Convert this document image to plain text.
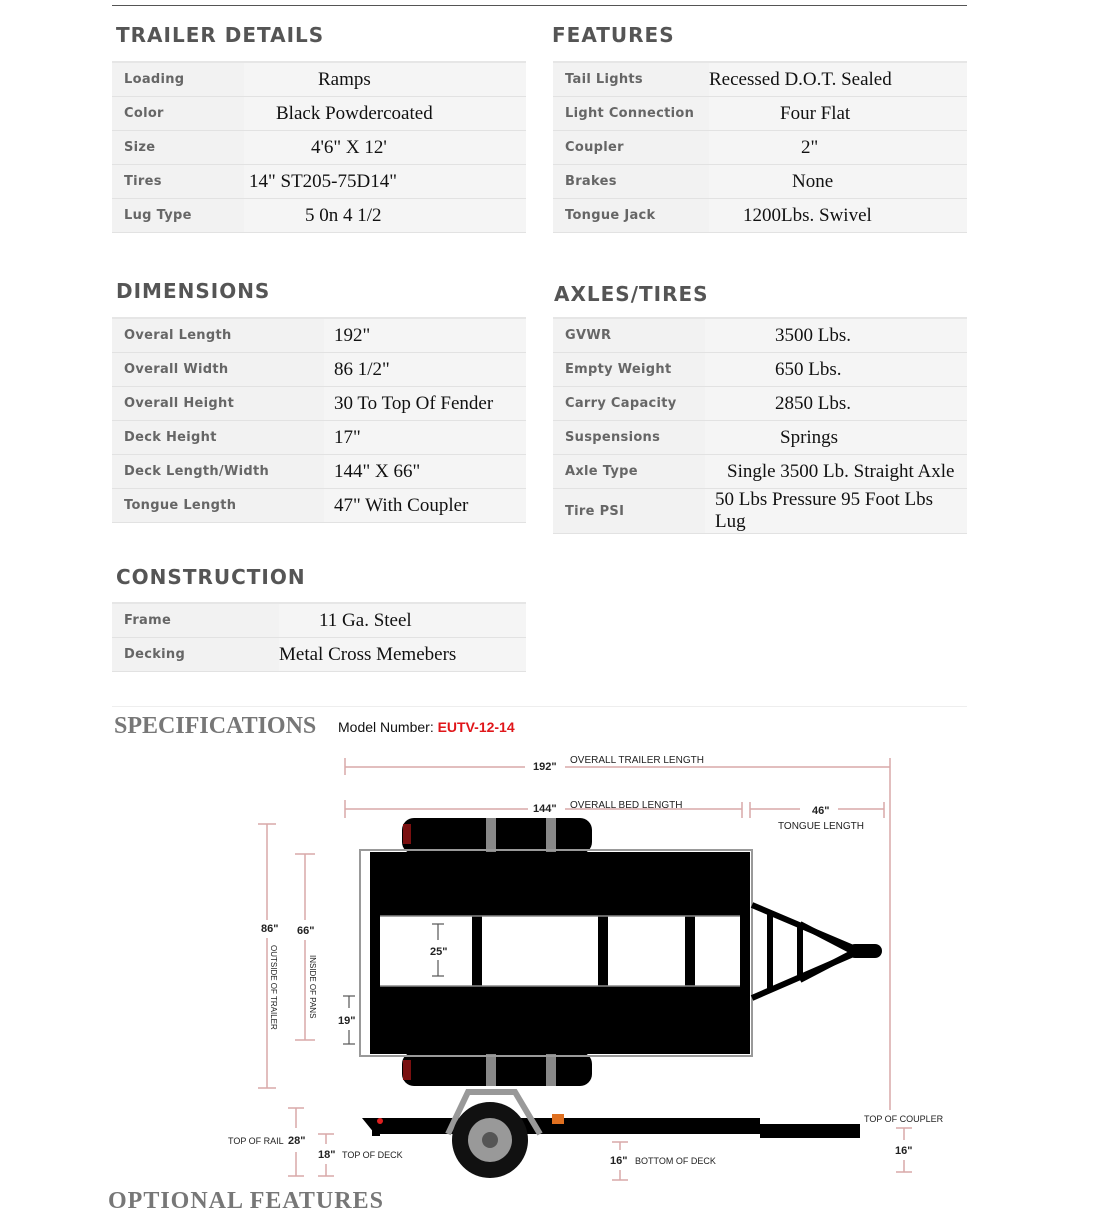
TRAILER DETAILS
Loading	Ramps
Color	Black Powdercoated
Size	4'6" X 12'
Tires	14" ST205-75D14"
Lug Type	5 0n 4 1/2
FEATURES
Tail Lights	Recessed D.O.T. Sealed
Light Connection	Four Flat
Coupler	2"
Brakes	None
Tongue Jack	1200Lbs. Swivel
DIMENSIONS
Overal Length	192"
Overall Width	86 1/2"
Overall Height	30 To Top Of Fender
Deck Height	17"
Deck Length/Width	144" X 66"
Tongue Length	47" With Coupler
AXLES/TIRES
GVWR	3500 Lbs.
Empty Weight	650 Lbs.
Carry Capacity	2850 Lbs.
Suspensions	Springs
Axle Type	Single 3500 Lb. Straight Axle
Tire PSI	50 Lbs Pressure 95 Foot Lbs Lug
CONSTRUCTION
Frame	11 Ga. Steel
Decking	Metal Cross Memebers
SPECIFICATIONS Model Number: EUTV-12-14
192"
OVERALL TRAILER LENGTH
144" OVERALL BED LENGTH	46"
TONGUE LENGTH
86" 66"
OUTSIDE OF TRAILER	INSIDE OF PANS
25"
19"
TOP OF RAIL 28"
18" TOP OF DECK	16" BOTTOM OF DECK
TOP OF COUPLER
16"
OPTIONAL FEATURES
